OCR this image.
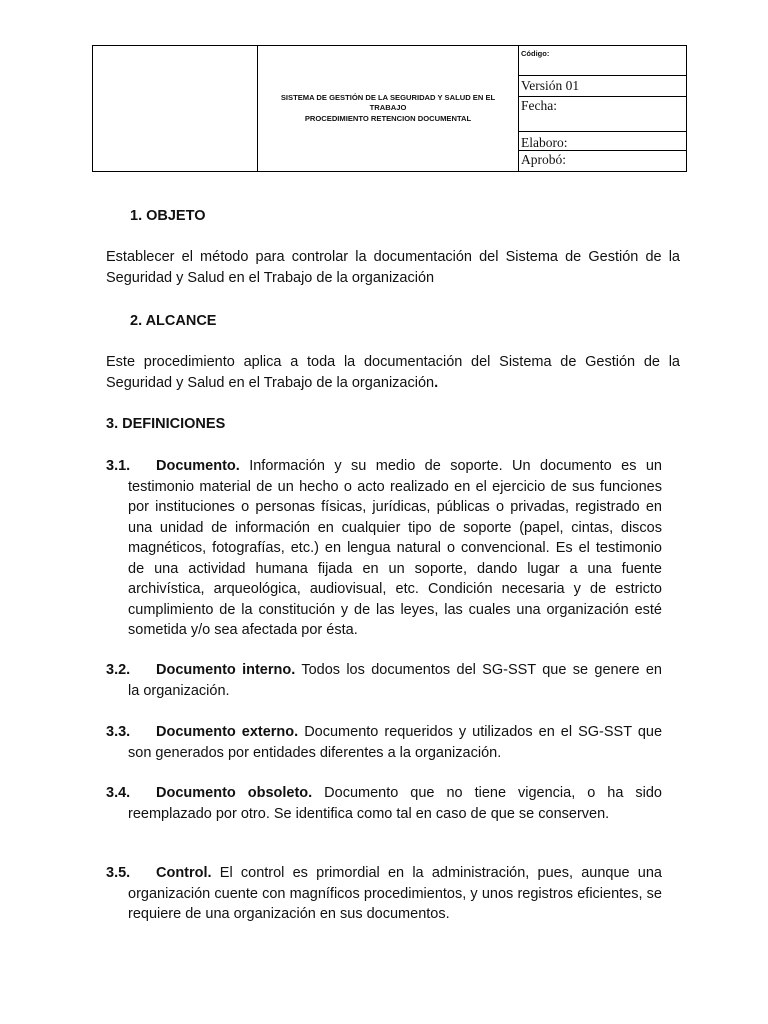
SISTEMA DE GESTIÓN DE LA SEGURIDAD Y SALUD EN EL
TRABAJO
PROCEDIMIENTO RETENCION DOCUMENTAL
Código:
Versión 01
Fecha:
Elaboro:
Aprobó:
1. OBJETO
Establecer el método para controlar la documentación del Sistema de Gestión de la Seguridad y Salud en el Trabajo de la organización
2. ALCANCE
Este procedimiento aplica a toda la documentación del Sistema de Gestión de la Seguridad y Salud en el Trabajo de la organización.
3. DEFINICIONES
3.1.	Documento. Información y su medio de soporte. Un documento es un
testimonio material de un hecho o acto realizado en el ejercicio de sus funciones por instituciones o personas físicas, jurídicas, públicas o privadas, registrado en una unidad de información en cualquier tipo de soporte (papel, cintas, discos magnéticos, fotografías, etc.) en lengua natural o convencional. Es el testimonio de una actividad humana fijada en un soporte, dando lugar a una fuente archivística, arqueológica, audiovisual, etc. Condición necesaria y de estricto cumplimiento de la constitución y de las leyes, las cuales una organización esté sometida y/o sea afectada por ésta.
3.2.	Documento interno. Todos los documentos del SG-SST que se genere en
la organización.
3.3.	Documento externo. Documento requeridos y utilizados en el SG-SST que
son generados por entidades diferentes a la organización.
3.4.	Documento obsoleto. Documento que no tiene vigencia, o ha sido
reemplazado por otro. Se identifica como tal en caso de que se conserven.
3.5.	Control. El control es primordial en la administración, pues, aunque una
organización cuente con magníficos procedimientos, y unos registros eficientes, se requiere de una organización en sus documentos.
